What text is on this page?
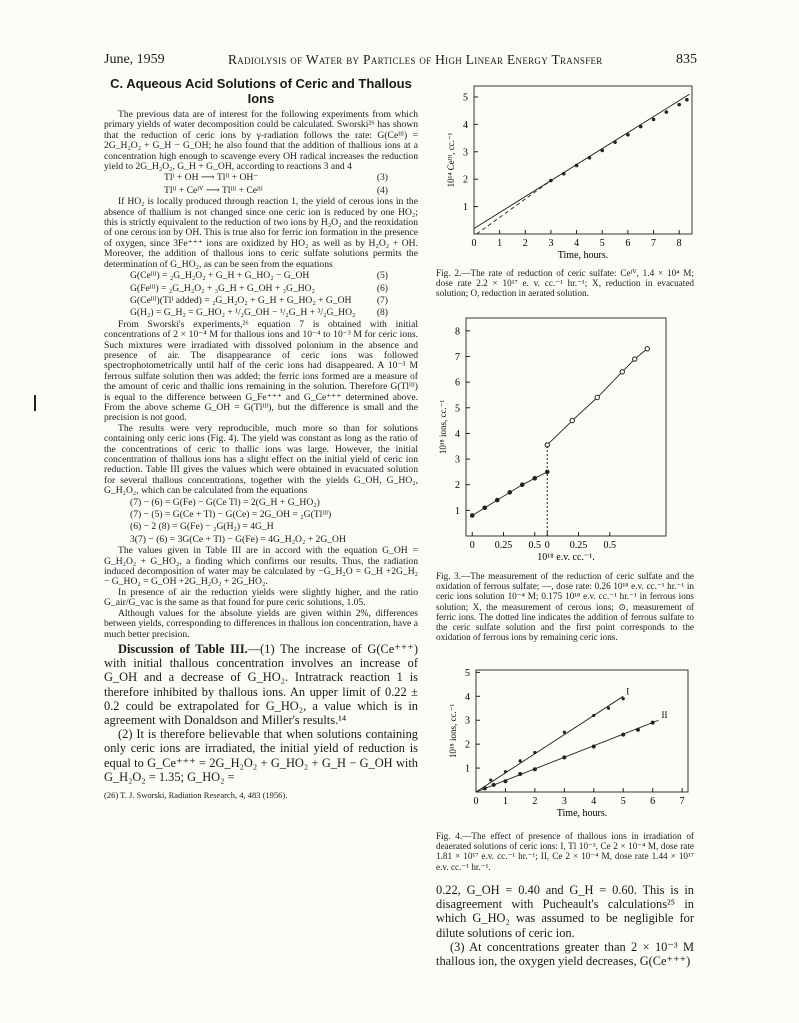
June, 1959	Radiolysis of Water by Particles of High Linear Energy Transfer	835
C. Aqueous Acid Solutions of Ceric and Thallous Ions

The previous data are of interest for the following experiments from which primary yields of water decomposition could be calculated. Sworski²⁶ has shown that the reduction of ceric ions by γ-radiation follows the rate: G(Ceᴵᴵᴵ) = 2G_H₂O₂ + G_H − G_OH; he also found that the addition of thallious ions at a concentration high enough to scavenge every OH radical increases the reduction yield to 2G_H₂O₂, G_H + G_OH, according to reactions 3 and 4

Tlᴵ + OH ⟶ Tlᴵᴵ + OH⁻	(3)
Tlᴵᴵ + Ceᴵⱽ ⟶ Tlᴵᴵᴵ + Ceᴵᴵᴵ	(4)

If HO₂ is locally produced through reaction 1, the yield of cerous ions in the absence of thallium is not changed since one ceric ion is reduced by one HO₂; this is strictly equivalent to the reduction of two ions by H₂O₂ and the reoxidation of one cerous ion by OH. This is true also for ferric ion formation in the presence of oxygen, since 3Fe⁺⁺⁺ ions are oxidized by HO₂ as well as by H₂O₂ + OH. Moreover, the addition of thallous ions to ceric sulfate solutions permits the determination of G_HO₂, as can be seen from the equations

G(Ceᴵᴵᴵ) = ₂G_H₂O₂ + G_H + G_HO₂ − G_OH	(5)
G(Feᴵᴵᴵ) = ₂G_H₂O₂ + ₃G_H + G_OH + ₃G_HO₂	(6)
G(Ceᴵᴵᴵ)(Tlᴵ added) = ₂G_H₂O₂ + G_H + G_HO₂ + G_OH	(7)
G(H₂) = G_H₂ = G_HO₂ + ¹/₂G_OH − ¹/₂G_H + ³/₂G_HO₂ (8)

From Sworski's experiments,²⁶ equation 7 is obtained with initial concentrations of 2 × 10⁻⁴ M for thallous ions and 10⁻⁴ to 10⁻³ M for ceric ions. Such mixtures were irradiated with dissolved polonium in the absence and presence of air. The disappearance of ceric ions was followed spectrophotometrically until half of the ceric ions had disappeared. A 10⁻³ M ferrous sulfate solution then was added; the ferric ions formed are a measure of the amount of ceric and thallic ions remaining in the solution. Therefore G(Tlᴵᴵᴵ) is equal to the difference between G_Fe⁺⁺⁺ and G_Ce⁺⁺⁺ determined above. From the above scheme G_OH = G(Tlᴵᴵᴵ), but the difference is small and the precision is not good.

The results were very reproducible, much more so than for solutions containing only ceric ions (Fig. 4). The yield was constant as long as the ratio of the concentrations of ceric to thallic ions was large. However, the initial concentration of thallous ions has a slight effect on the initial yield of ceric ion reduction. Table III gives the values which were obtained in evacuated solution for several thallous concentrations, together with the yields G_OH, G_HO₂, G_H₂O₂, which can be calculated from the equations

(7) − (6) = G(Fe) − G(Ce Tl) = 2(G_H + G_HO₂)
(7) − (5) = G(Ce + Tl) − G(Ce) = 2G_OH = ₂G(Tlᴵᴵᴵ)
(6) − 2 (8) = G(Fe) − ₂G(H₂) = 4G_H
3(7) − (6) = 3G(Ce + Tl) − G(Fe) = 4G_H₂O₂ + 2G_OH

The values given in Table III are in accord with the equation G_OH = G_H₂O₂ + G_HO₂, a finding which confirms our results. Thus, the radiation induced decomposition of water may be calculated by −G_H₂O = G_H +2G_H₂ − G_HO₂ = G_OH +2G_H₂O₂ + 2G_HO₂.

In presence of air the reduction yields were slightly higher, and the ratio G_air/G_vac is the same as that found for pure ceric solutions, 1.05.

Although values for the absolute yields are given within 2%, differences between yields, corresponding to differences in thallous ion concentration, have a much better precision.

Discussion of Table III.—(1) The increase of G(Ce⁺⁺⁺) with initial thallous concentration involves an increase of G_OH and a decrease of G_HO₂. Intratrack reaction 1 is therefore inhibited by thallous ions. An upper limit of 0.22 ± 0.2 could be extrapolated for G_HO₂, a value which is in agreement with Donaldson and Miller's results.¹⁴

(2) It is therefore believable that when solutions containing only ceric ions are irradiated, the initial yield of reduction is equal to G_Ce⁺⁺⁺ = 2G_H₂O₂ + G_HO₂ + G_H − G_OH with G_H₂O₂ = 1.35; G_HO₂ =

(26) T. J. Sworski, Radiation Research, 4, 483 (1956).

0 1 2 3 4 5 6 7 8
1
2
3
4
5
Time, hours.
10¹⁴ Ceᴵᴵᴵ, cc.⁻¹
Fig. 2.—The rate of reduction of ceric sulfate: Ceᴵⱽ, 1.4 × 10⁴ M; dose rate 2.2 × 10¹⁷ e. v. cc.⁻¹ hr.⁻¹; X, reduction in evacuated solution; O, reduction in aerated solution.
0 0.25 0.5 0 0.25 0.5
1
2
3
4
5
6
7
8
10¹⁸ e.v. cc.⁻¹.
10¹⁸ ions, cc.⁻¹
Fig. 3.—The measurement of the reduction of ceric sulfate and the oxidation of ferrous sulfate; —, dose rate: 0.26 10¹⁸ e.v. cc.⁻¹ hr.⁻¹ in ceric ions solution 10⁻⁴ M; 0.175 10¹⁸ e.v. cc.⁻¹ hr.⁻¹ in ferrous ions solution; X, the measurement of cerous ions; ⊙, measurement of ferric ions. The dotted line indicates the addition of ferrous sulfate to the ceric sulfate solution and the first point corresponds to the oxidation of ferrous ions by remaining ceric ions.
0 1 2 3 4 5 6 7
1
2
3
4
5
Time, hours.
10¹⁸ ions, cc.⁻¹
I
II
Fig. 4.—The effect of presence of thallous ions in irradiation of deaerated solutions of ceric ions: I, Tl 10⁻³, Ce 2 × 10⁻⁴ M, dose rate 1.81 × 10¹⁷ e.v. cc.⁻¹ hr.⁻¹; II, Ce 2 × 10⁻⁴ M, dose rate 1.44 × 10¹⁷ e.v. cc.⁻¹ hr.⁻¹.

0.22, G_OH = 0.40 and G_H = 0.60. This is in disagreement with Pucheault's calculations²⁵ in which G_HO₂ was assumed to be negligible for dilute solutions of ceric ion.

(3) At concentrations greater than 2 × 10⁻³ M thallous ion, the oxygen yield decreases, G(Ce⁺⁺⁺)
